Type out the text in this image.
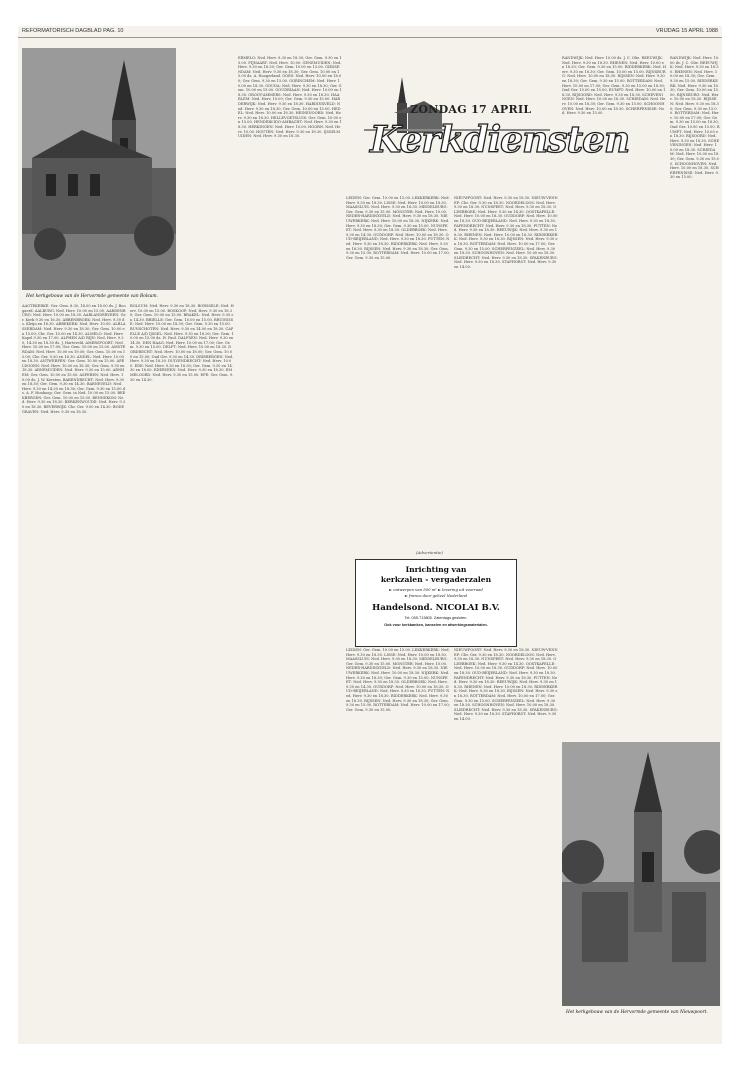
REFORMATORISCH DAGBLAD PAG. 10	VRIJDAG 15 APRIL 1988
Het kerkgebouw van de Hervormde gemeente van Bolsum.
ZONDAG 17 APRIL
Kerkdiensten
AAGTEKERKE: Ger. Gem. 8.30, 14.00 en 18.00 ds. J. Boogaerd. AALBURG: Ned. Herv. 10.00 en 15.00. AARDENBURG: Ned. Herv. 10.00 en 18.30. AARLANDERVEEN: Ger. Kerk 9.30 en 16.30. ABBENBROEK: Ned. Herv. 9.30 ds. Kleijn en 18.30. ABBEKERK: Ned. Herv. 10.00. ALBLASSERDAM: Ned. Herv. 9.30 en 18.30; Ger. Gem. 10.00 en 15.00; Chr. Ger. 10.00 en 14.30. ALMELO: Ned. Herv. Kapel 9.30 en 17.00. ALPHEN A/D RIJN: Ned. Herv. 9.30, 14.30 en 18.30 ds. J. Harteveld. AMERSFOORT: Ned. Herv. 10.00 en 17.00; Ger. Gem. 10.00 en 15.00. AMSTERDAM: Ned. Herv. 10.00 en 19.00; Ger. Gem. 10.00 en 15.00; Chr. Ger. 9.30 en 16.30. ANDEL: Ned. Herv. 10.00 en 18.30. ANTWERPEN: Ger. Gem. 10.00 en 15.00. APELDOORN: Ned. Herv. 10.00 en 18.30; Ger. Gem. 9.30 en 18.30. ARNEMUIDEN: Ned. Herv. 9.30 en 15.00. ARNHEM: Ger. Gem. 10.00 en 15.00. ASPEREN: Ned. Herv. 10.00 ds. J. W. Kersten. BARENDRECHT: Ned. Herv. 9.30 en 18.30; Ger. Gem. 9.30 en 14.30. BARNEVELD: Ned. Herv. 9.30 en 14.30 en 18.30; Ger. Gem. 9.30 en 15.00 ds. A. F. Honkoop; Ger. Gem. in Ned. 10.00 en 15.00. BEEKBERGEN: Ger. Gem. 10.00 en 15.00. BENNEKOM: Ned. Herv. 9.30 en 18.30. BERKENWOUDE: Ned. Herv. 9.30 en 18.30. BEVERWIJK: Chr. Ger. 9.00 en 14.30. BODEGRAVEN: Ned. Herv. 9.30 en 18.30.
BOLSUM: Ned. Herv. 9.30 en 18.30. BORSSELE: Ned. Herv. 10.00 en 15.00. BOSKOOP: Ned. Herv. 9.30 en 18.30; Ger. Gem. 10.00 en 15.00. BRAKEL: Ned. Herv. 9.30 en 14.30. BRIELLE: Ger. Gem. 10.00 en 15.00. BRUINISSE: Ned. Herv. 10.00 en 18.30; Ger. Gem. 9.30 en 15.00. BUNSCHOTEN: Ned. Herv. 9.30 en 14.00 en 18.30. CAPELLE A/D IJSSEL: Ned. Herv. 9.30 en 18.30; Ger. Gem. 10.00 en 15.00 ds. H. Paul. DALFSEN: Ned. Herv. 9.30 en 14.30. DEN HAAG: Ned. Herv. 10.00 en 17.00; Ger. Gem. 9.30 en 15.00. DELFT: Ned. Herv. 10.00 en 18.30. DORDRECHT: Ned. Herv. 10.00 en 18.00; Ger. Gem. 10.00 en 15.00; Oud Ger. 9.30 en 14.30. DRIEBERGEN: Ned. Herv. 9.30 en 18.30. DUIVENDRECHT: Ned. Herv. 10.00. EDE: Ned. Herv. 9.30 en 18.30; Ger. Gem. 9.30 en 14.30 en 18.00. EDERVEEN: Ned. Herv. 9.30 en 18.30. EMMELOORD: Ned. Herv. 9.30 en 15.00. EPE: Ger. Gem. 9.30 en 14.30.
ERMELO: Ned. Herv. 9.30 en 18.30; Ger. Gem. 9.30 en 15.00. FIJNAART: Ned. Herv. 10.00. GENEMUIDEN: Ned. Herv. 9.30 en 18.30; Ger. Gem. 10.00 en 15.00. GIESSENDAM: Ned. Herv. 9.30 en 18.30; Ger. Gem. 10.00 en 15.00 ds. A. Hoogerland. GOES: Ned. Herv. 10.00 en 18.00; Ger. Gem. 9.30 en 15.00. GORINCHEM: Ned. Herv. 10.00 en 18.30. GOUDA: Ned. Herv. 9.30 en 18.30; Ger. Gem. 10.00 en 15.00. GOUDRIAAN: Ned. Herv. 10.00 en 18.30. GROOT-AMMERS: Ned. Herv. 9.30 en 18.30. HAARLEM: Ned. Herv. 10.00; Ger. Gem. 9.30 en 15.00. HARDERWIJK: Ned. Herv. 9.30 en 18.30. HARDINXVELD: Ned. Herv. 9.30 en 18.30; Ger. Gem. 10.00 en 15.00. HEDEL: Ned. Herv. 10.00 en 18.30. HEINENOORD: Ned. Herv. 9.30 en 18.30. HELLEVOETSLUIS: Ger. Gem. 10.00 en 15.00. HENDRIK-IDO-AMBACHT: Ned. Herv. 9.30 en 18.30. HERKINGEN: Ned. Herv. 10.00. HOORN: Ned. Herv. 10.00. HOUTEN: Ned. Herv. 9.30 en 18.30. IJSSELMUIDEN: Ned. Herv. 9.30 en 18.30.
LEIDEN: Ger. Gem. 10.00 en 15.00. LEKKERKERK: Ned. Herv. 9.30 en 18.30. LISSE: Ned. Herv. 10.00 en 18.30. MAASSLUIS: Ned. Herv. 9.30 en 18.30. MIDDELBURG: Ger. Gem. 9.30 en 15.00. MONSTER: Ned. Herv. 10.00. NEDER-HARDINXVELD: Ned. Herv. 9.30 en 18.30. NIEUWERKERK: Ned. Herv. 10.00 en 18.30. NIJKERK: Ned. Herv. 9.30 en 18.30; Ger. Gem. 9.30 en 15.00. NUNSPEET: Ned. Herv. 9.30 en 18.30. OLDEBROEK: Ned. Herv. 9.30 en 14.30. OUDDORP: Ned. Herv. 10.00 en 18.30. OUD-BEIJERLAND: Ned. Herv. 9.30 en 18.30. PUTTEN: Ned. Herv. 9.30 en 18.30. RIDDERKERK: Ned. Herv. 9.30 en 18.30. RIJSSEN: Ned. Herv. 9.30 en 18.30; Ger. Gem. 9.30 en 15.00. ROTTERDAM: Ned. Herv. 10.00 en 17.00; Ger. Gem. 9.30 en 15.00.
LEIDEN: Ger. Gem. 10.00 en 15.00. LEKKERKERK: Ned. Herv. 9.30 en 18.30. LISSE: Ned. Herv. 10.00 en 18.30. MAASSLUIS: Ned. Herv. 9.30 en 18.30. MIDDELBURG: Ger. Gem. 9.30 en 15.00. MONSTER: Ned. Herv. 10.00. NEDER-HARDINXVELD: Ned. Herv. 9.30 en 18.30. NIEUWERKERK: Ned. Herv. 10.00 en 18.30. NIJKERK: Ned. Herv. 9.30 en 18.30; Ger. Gem. 9.30 en 15.00. NUNSPEET: Ned. Herv. 9.30 en 18.30. OLDEBROEK: Ned. Herv. 9.30 en 14.30. OUDDORP: Ned. Herv. 10.00 en 18.30. OUD-BEIJERLAND: Ned. Herv. 9.30 en 18.30. PUTTEN: Ned. Herv. 9.30 en 18.30. RIDDERKERK: Ned. Herv. 9.30 en 18.30. RIJSSEN: Ned. Herv. 9.30 en 18.30; Ger. Gem. 9.30 en 15.00. ROTTERDAM: Ned. Herv. 10.00 en 17.00; Ger. Gem. 9.30 en 15.00.
NIEUWPOORT: Ned. Herv. 9.30 en 18.30. NIEUW-VENNEP: Chr. Ger. 9.30 en 18.30. NOORDELOOS: Ned. Herv. 9.30 en 18.30. NUNSPEET: Ned. Herv. 9.30 en 18.30. OLDEBROEK: Ned. Herv. 9.30 en 14.30. OOSTKAPELLE: Ned. Herv. 10.00 en 18.30. OUDDORP: Ned. Herv. 10.00 en 18.30. OUD-BEIJERLAND: Ned. Herv. 9.30 en 18.30. PAPENDRECHT: Ned. Herv. 9.30 en 18.30. PUTTEN: Ned. Herv. 9.30 en 18.30. REEUWIJK: Ned. Herv. 9.30 en 18.30. RHENEN: Ned. Herv. 10.00 en 18.30. RIDDERKERK: Ned. Herv. 9.30 en 18.30. RIJSSEN: Ned. Herv. 9.30 en 18.30. ROTTERDAM: Ned. Herv. 10.00 en 17.00; Ger. Gem. 9.30 en 15.00. SCHERPENZEEL: Ned. Herv. 9.30 en 18.30. SCHOONHOVEN: Ned. Herv. 10.00 en 18.30. SLIEDRECHT: Ned. Herv. 9.30 en 18.30. SPAKENBURG: Ned. Herv. 9.30 en 18.30. STAPHORST: Ned. Herv. 9.30 en 14.00.
NIEUWPOORT: Ned. Herv. 9.30 en 18.30. NIEUW-VENNEP: Chr. Ger. 9.30 en 18.30. NOORDELOOS: Ned. Herv. 9.30 en 18.30. NUNSPEET: Ned. Herv. 9.30 en 18.30. OLDEBROEK: Ned. Herv. 9.30 en 14.30. OOSTKAPELLE: Ned. Herv. 10.00 en 18.30. OUDDORP: Ned. Herv. 10.00 en 18.30. OUD-BEIJERLAND: Ned. Herv. 9.30 en 18.30. PAPENDRECHT: Ned. Herv. 9.30 en 18.30. PUTTEN: Ned. Herv. 9.30 en 18.30. REEUWIJK: Ned. Herv. 9.30 en 18.30. RHENEN: Ned. Herv. 10.00 en 18.30. RIDDERKERK: Ned. Herv. 9.30 en 18.30. RIJSSEN: Ned. Herv. 9.30 en 18.30. ROTTERDAM: Ned. Herv. 10.00 en 17.00; Ger. Gem. 9.30 en 15.00. SCHERPENZEEL: Ned. Herv. 9.30 en 18.30. SCHOONHOVEN: Ned. Herv. 10.00 en 18.30. SLIEDRECHT: Ned. Herv. 9.30 en 18.30. SPAKENBURG: Ned. Herv. 9.30 en 18.30. STAPHORST: Ned. Herv. 9.30 en 14.00.
RANDWIJK: Ned. Herv. 10.00 ds. J. C. Olie. REEUWIJK: Ned. Herv. 9.30 en 18.30. RHENEN: Ned. Herv. 10.00 en 18.30; Ger. Gem. 9.30 en 15.00. RIDDERKERK: Ned. Herv. 9.30 en 18.30; Ger. Gem. 10.00 en 15.00. RIJNSBURG: Ned. Herv. 10.00 en 18.30. RIJSSEN: Ned. Herv. 9.30 en 18.30; Ger. Gem. 9.30 en 15.00. ROTTERDAM: Ned. Herv. 10.00 en 17.00; Ger. Gem. 9.30 en 15.00 en 18.30; Oud Ger. 10.00 en 15.00. RUMPT: Ned. Herv. 10.00 en 18.30. RIJSOORD: Ned. Herv. 9.30 en 18.30. SCHEVENINGEN: Ned. Herv. 10.00 en 18.30. SCHIEDAM: Ned. Herv. 10.00 en 18.30; Ger. Gem. 9.30 en 15.00. SCHOONHOVEN: Ned. Herv. 10.00 en 18.30. SCHERPENISSE: Ned. Herv. 9.30 en 15.00.
RANDWIJK: Ned. Herv. 10.00 ds. J. C. Olie. REEUWIJK: Ned. Herv. 9.30 en 18.30. RHENEN: Ned. Herv. 10.00 en 18.30; Ger. Gem. 9.30 en 15.00. RIDDERKERK: Ned. Herv. 9.30 en 18.30; Ger. Gem. 10.00 en 15.00. RIJNSBURG: Ned. Herv. 10.00 en 18.30. RIJSSEN: Ned. Herv. 9.30 en 18.30; Ger. Gem. 9.30 en 15.00. ROTTERDAM: Ned. Herv. 10.00 en 17.00; Ger. Gem. 9.30 en 15.00 en 18.30; Oud Ger. 10.00 en 15.00. RUMPT: Ned. Herv. 10.00 en 18.30. RIJSOORD: Ned. Herv. 9.30 en 18.30. SCHEVENINGEN: Ned. Herv. 10.00 en 18.30. SCHIEDAM: Ned. Herv. 10.00 en 18.30; Ger. Gem. 9.30 en 15.00. SCHOONHOVEN: Ned. Herv. 10.00 en 18.30. SCHERPENISSE: Ned. Herv. 9.30 en 15.00.
(Advertentie)
Inrichting van
kerkzalen - vergaderzalen
► ontwerpen van 500 m² ► levering uit voorraad
► franco door geheel Nederland
Handelsond. NICOLAI B.V.
Tel. 055-713805. Zaterdags gesloten.
Ook voor kerkbanken, kanselen en afwerkingsmaterialen.
Het kerkgebouw van de Hervormde gemeente van Nieuwpoort.
